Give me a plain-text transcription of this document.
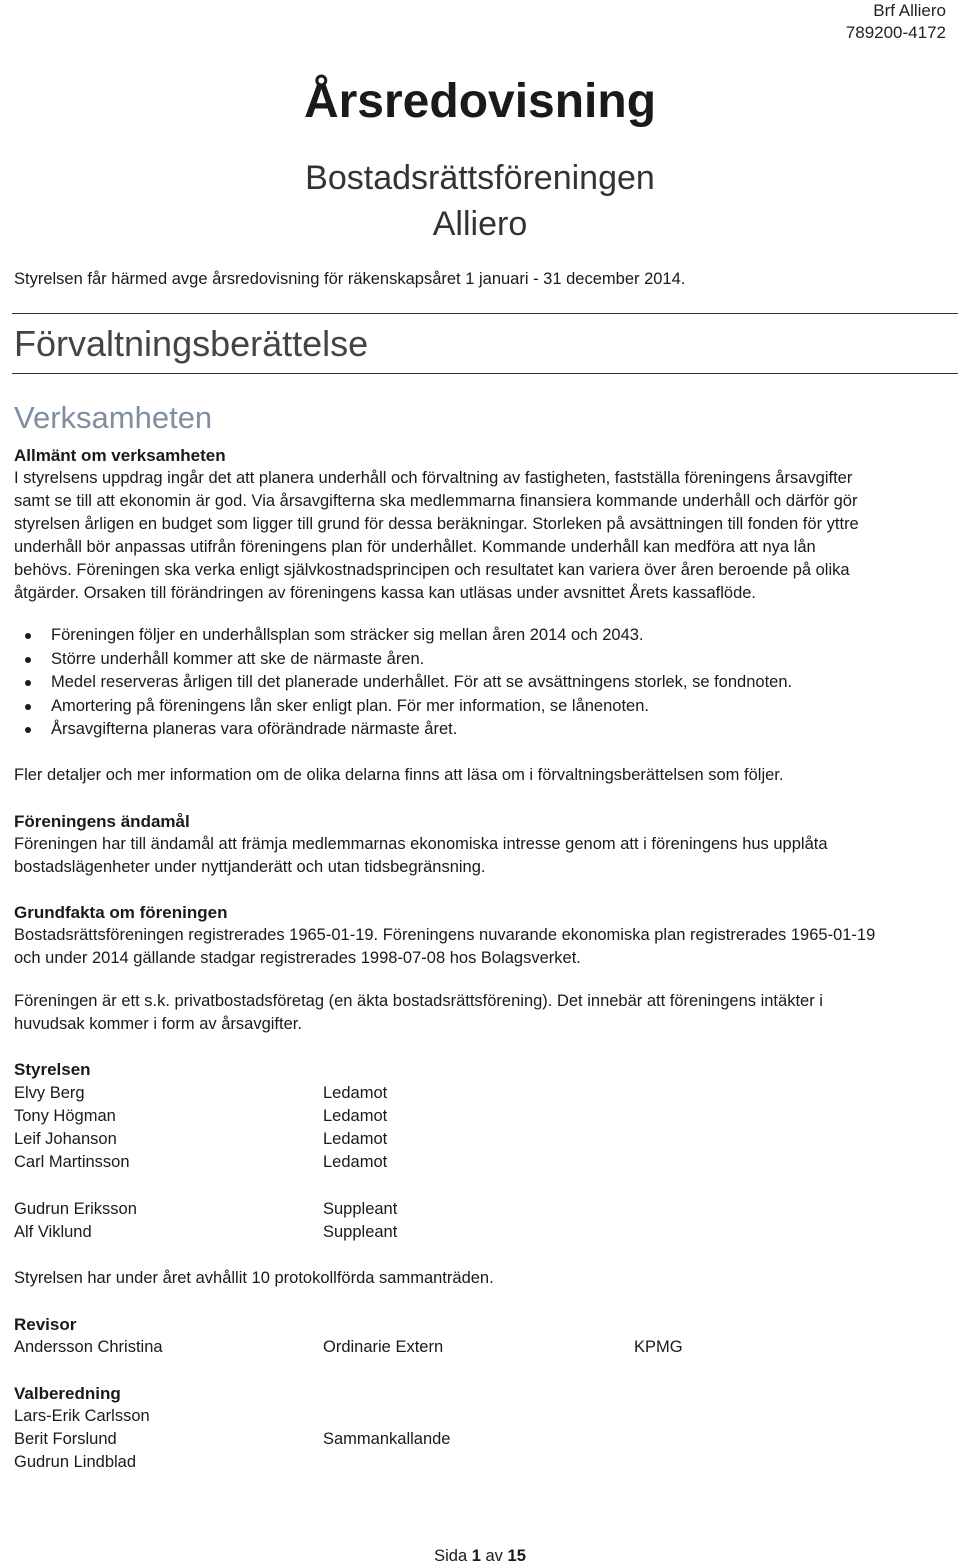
Brf Alliero
789200-4172
Årsredovisning
Bostadsrättsföreningen
Alliero
Styrelsen får härmed avge årsredovisning för räkenskapsåret 1 januari - 31 december 2014.
Förvaltningsberättelse
Verksamheten
Allmänt om verksamheten
I styrelsens uppdrag ingår det att planera underhåll och förvaltning av fastigheten, fastställa föreningens årsavgifter
samt se till att ekonomin är god. Via årsavgifterna ska medlemmarna finansiera kommande underhåll och därför gör
styrelsen årligen en budget som ligger till grund för dessa beräkningar. Storleken på avsättningen till fonden för yttre
underhåll bör anpassas utifrån föreningens plan för underhållet. Kommande underhåll kan medföra att nya lån
behövs. Föreningen ska verka enligt självkostnadsprincipen och resultatet kan variera över åren beroende på olika
åtgärder. Orsaken till förändringen av föreningens kassa kan utläsas under avsnittet Årets kassaflöde.
Föreningen följer en underhållsplan som sträcker sig mellan åren 2014 och 2043.
Större underhåll kommer att ske de närmaste åren.
Medel reserveras årligen till det planerade underhållet. För att se avsättningens storlek, se fondnoten.
Amortering på föreningens lån sker enligt plan. För mer information, se lånenoten.
Årsavgifterna planeras vara oförändrade närmaste året.
Fler detaljer och mer information om de olika delarna finns att läsa om i förvaltningsberättelsen som följer.
Föreningens ändamål
Föreningen har till ändamål att främja medlemmarnas ekonomiska intresse genom att i föreningens hus upplåta
bostadslägenheter under nyttjanderätt och utan tidsbegränsning.
Grundfakta om föreningen
Bostadsrättsföreningen registrerades 1965-01-19. Föreningens nuvarande ekonomiska plan registrerades 1965-01-19
och under 2014 gällande stadgar registrerades 1998-07-08 hos Bolagsverket.
Föreningen är ett s.k. privatbostadsföretag (en äkta bostadsrättsförening). Det innebär att föreningens intäkter i
huvudsak kommer i form av årsavgifter.
Styrelsen
Elvy Berg	Ledamot
Tony Högman	Ledamot
Leif Johanson	Ledamot
Carl Martinsson	Ledamot
Gudrun Eriksson	Suppleant
Alf Viklund	Suppleant
Styrelsen har under året avhållit 10 protokollförda sammanträden.
Revisor
Andersson Christina	Ordinarie Extern	KPMG
Valberedning
Lars-Erik Carlsson
Berit Forslund	Sammankallande
Gudrun Lindblad
Sida 1 av 15
